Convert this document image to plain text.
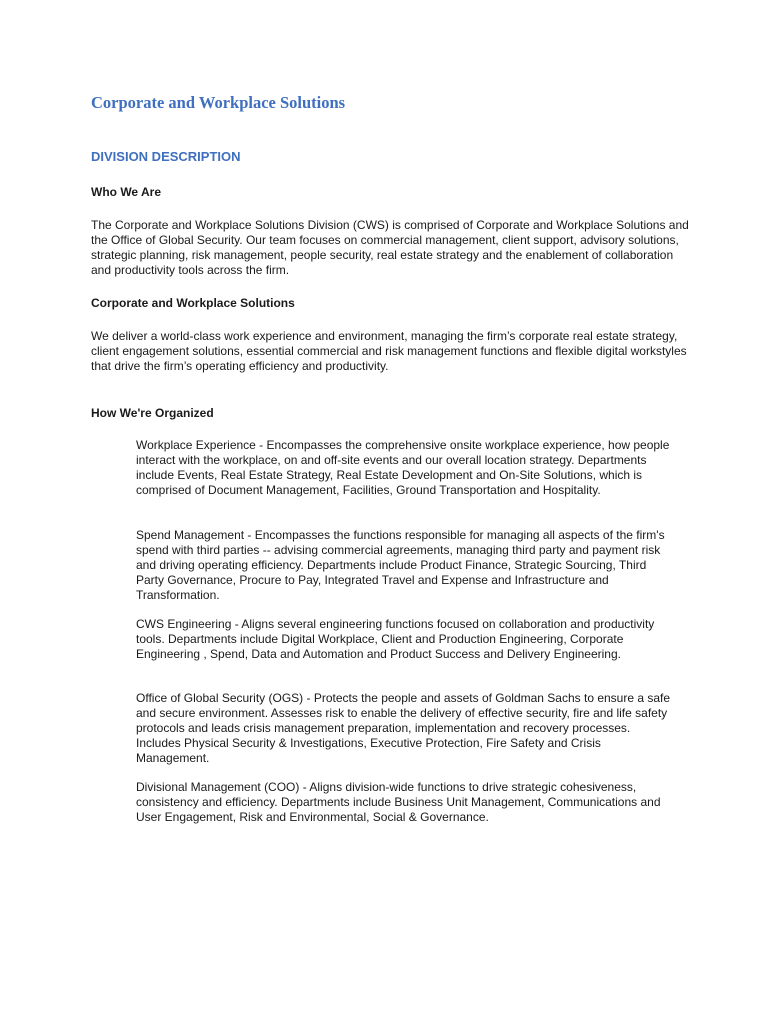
Corporate and Workplace Solutions
DIVISION DESCRIPTION
Who We Are

The Corporate and Workplace Solutions Division (CWS) is comprised of Corporate and Workplace Solutions and the Office of Global Security. Our team focuses on commercial management, client support, advisory solutions, strategic planning, risk management, people security, real estate strategy and the enablement of collaboration and productivity tools across the firm.

Corporate and Workplace Solutions

We deliver a world-class work experience and environment, managing the firm’s corporate real estate strategy, client engagement solutions, essential commercial and risk management functions and flexible digital workstyles that drive the firm’s operating efficiency and productivity.

How We're Organized

Workplace Experience - Encompasses the comprehensive onsite workplace experience, how people interact with the workplace, on and off-site events and our overall location strategy. Departments include Events, Real Estate Strategy, Real Estate Development and On-Site Solutions, which is comprised of Document Management, Facilities, Ground Transportation and Hospitality.

Spend Management - Encompasses the functions responsible for managing all aspects of the firm's spend with third parties -- advising commercial agreements, managing third party and payment risk and driving operating efficiency. Departments include Product Finance, Strategic Sourcing, Third Party Governance, Procure to Pay, Integrated Travel and Expense and Infrastructure and Transformation.

CWS Engineering - Aligns several engineering functions focused on collaboration and productivity tools. Departments include Digital Workplace, Client and Production Engineering, Corporate Engineering , Spend, Data and Automation and Product Success and Delivery Engineering.

Office of Global Security (OGS) - Protects the people and assets of Goldman Sachs to ensure a safe and secure environment. Assesses risk to enable the delivery of effective security, fire and life safety protocols and leads crisis management preparation, implementation and recovery processes. Includes Physical Security & Investigations, Executive Protection, Fire Safety and Crisis Management.

Divisional Management (COO) - Aligns division-wide functions to drive strategic cohesiveness, consistency and efficiency. Departments include Business Unit Management, Communications and User Engagement, Risk and Environmental, Social & Governance.
